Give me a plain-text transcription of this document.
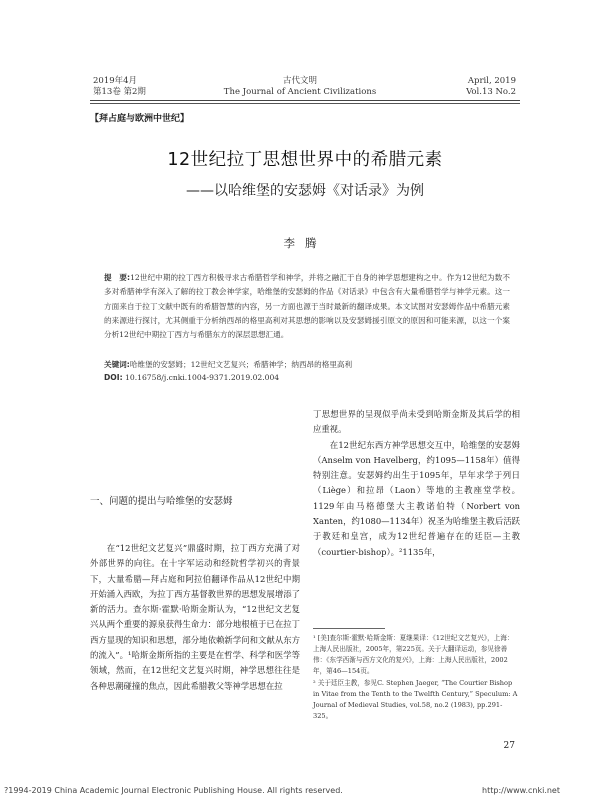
2019年4月
第13卷 第2期
古代文明
The Journal of Ancient Civilizations
April, 2019
Vol.13 No.2
【拜占庭与欧洲中世纪】
12世纪拉丁思想世界中的希腊元素
——以哈维堡的安瑟姆《对话录》为例
李腾
提　要:12世纪中期的拉丁西方积极寻求古希腊哲学和神学，并将之融汇于自身的神学思想建构之中。作为12世纪为数不多对希腊神学有深入了解的拉丁教会神学家，哈维堡的安瑟姆的作品《对话录》中包含有大量希腊哲学与神学元素。这一方面来自于拉丁文献中既有的希腊智慧的内容，另一方面也源于当时最新的翻译成果。本文试图对安瑟姆作品中希腊元素的来源进行探讨，尤其侧重于分析纳西昂的格里高利对其思想的影响以及安瑟姆援引原文的原因和可能来源，以这一个案分析12世纪中期拉丁西方与希腊东方的深层思想汇通。
关键词:哈维堡的安瑟姆；12世纪文艺复兴；希腊神学；纳西昂的格里高利
DOI: 10.16758/j.cnki.1004-9371.2019.02.004
一、问题的提出与哈维堡的安瑟姆

在“12世纪文艺复兴”鼎盛时期，拉丁西方充满了对外部世界的向往。在十字军运动和经院哲学初兴的背景下，大量希腊—拜占庭和阿拉伯翻译作品从12世纪中期开始涌入西欧，为拉丁西方基督教世界的思想发展增添了新的活力。查尔斯·霍默·哈斯金斯认为，“12世纪文艺复兴从两个重要的源泉获得生命力：部分地根植于已在拉丁西方显现的知识和思想，部分地依赖新学问和文献从东方的流入”。¹哈斯金斯所指的主要是在哲学、科学和医学等领域，然而，在12世纪文艺复兴时期，神学思想往往是各种思潮碰撞的焦点，因此希腊教父等神学思想在拉

丁思想世界的呈现似乎尚未受到哈斯金斯及其后学的相应重视。

在12世纪东西方神学思想交互中，哈维堡的安瑟姆（Anselm von Havelberg，约1095—1158年）值得特别注意。安瑟姆约出生于1095年，早年求学于列日（Liège）和拉昂（Laon）等地的主教座堂学校。1129年由马格德堡大主教诺伯特（Norbert von Xanten，约1080—1134年）祝圣为哈维堡主教后活跃于教廷和皇宫，成为12世纪普遍存在的廷臣—主教（courtier-bishop）。²1135年，

¹ [美]查尔斯·霍默·哈斯金斯：夏继果译：《12世纪文艺复兴》，上海：上海人民出版社，2005年，第225页。关于大翻译运动，参见徐善伟：《东学西渐与西方文化的复兴》，上海：上海人民出版社，2002年，第46—154页。

² 关于廷臣主教，参见C. Stephen Jaeger, “The Courtier Bishop in Vitae from the Tenth to the Twelfth Century,” Speculum: A Journal of Medieval Studies, vol.58, no.2 (1983), pp.291-325。

27
?1994-2019 China Academic Journal Electronic Publishing House. All rights reserved.	http://www.cnki.net
